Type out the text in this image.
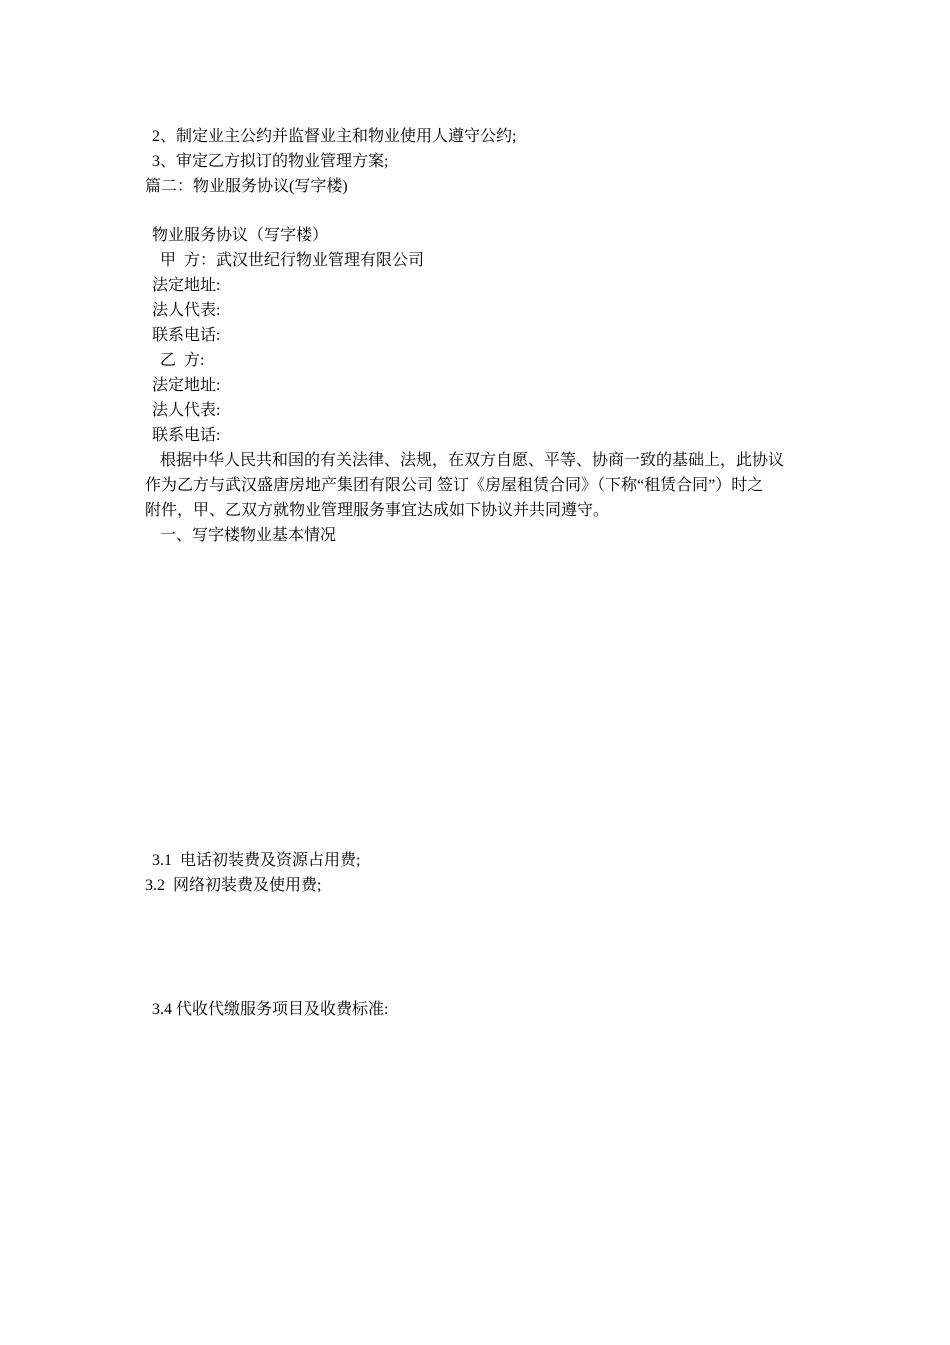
2、制定业主公约并监督业主和物业使用人遵守公约;
3、审定乙方拟订的物业管理方案;
篇二：物业服务协议(写字楼)
物业服务协议（写字楼）
甲  方：武汉世纪行物业管理有限公司
法定地址:
法人代表:
联系电话:
乙  方:
法定地址:
法人代表:
联系电话:
根据中华人民共和国的有关法律、法规，在双方自愿、平等、协商一致的基础上，此协议
作为乙方与武汉盛唐房地产集团有限公司 签订《房屋租赁合同》（下称“租赁合同”）时之
附件，甲、乙双方就物业管理服务事宜达成如下协议并共同遵守。
一、写字楼物业基本情况
3.1  电话初装费及资源占用费;
3.2  网络初装费及使用费;
3.4 代收代缴服务项目及收费标准:
